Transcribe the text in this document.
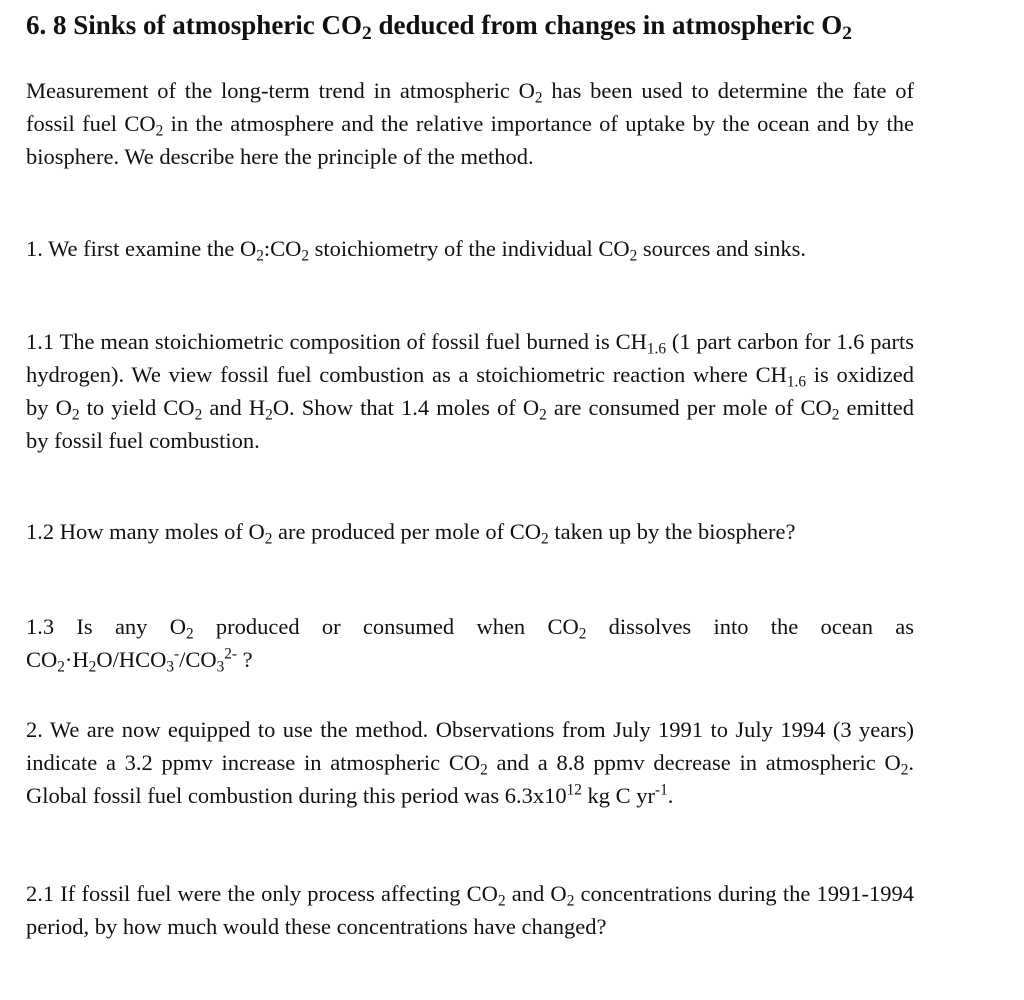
6. 8 Sinks of atmospheric $CO_2$ deduced from changes in atmospheric $O_2$

Measurement of the long-term trend in atmospheric $O_2$ has been used to determine the fate of fossil fuel $CO_2$ in the atmosphere and the relative importance of uptake by the ocean and by the biosphere. We describe here the principle of the method.

1. We first examine the $O_2:CO_2$ stoichiometry of the individual $CO_2$ sources and sinks.

1.1 The mean stoichiometric composition of fossil fuel burned is $CH_{1.6}$ (1 part carbon for 1.6 parts hydrogen). We view fossil fuel combustion as a stoichiometric reaction where $CH_{1.6}$ is oxidized by $O_2$ to yield $CO_2$ and $H_2O$. Show that 1.4 moles of $O_2$ are consumed per mole of $CO_2$ emitted by fossil fuel combustion.

1.2 How many moles of $O_2$ are produced per mole of $CO_2$ taken up by the biosphere?

1.3 Is any $O_2$ produced or consumed when $CO_2$ dissolves into the ocean as $CO_2\cdot H_2O/HCO_3^-/CO_3^{2-}$ ?

2. We are now equipped to use the method. Observations from July 1991 to July 1994 (3 years) indicate a 3.2 ppmv increase in atmospheric $CO_2$ and a 8.8 ppmv decrease in atmospheric $O_2$. Global fossil fuel combustion during this period was $6.3x10^{12}$ kg C $yr^{-1}$.

2.1 If fossil fuel were the only process affecting $CO_2$ and $O_2$ concentrations during the 1991-1994 period, by how much would these concentrations have changed?
